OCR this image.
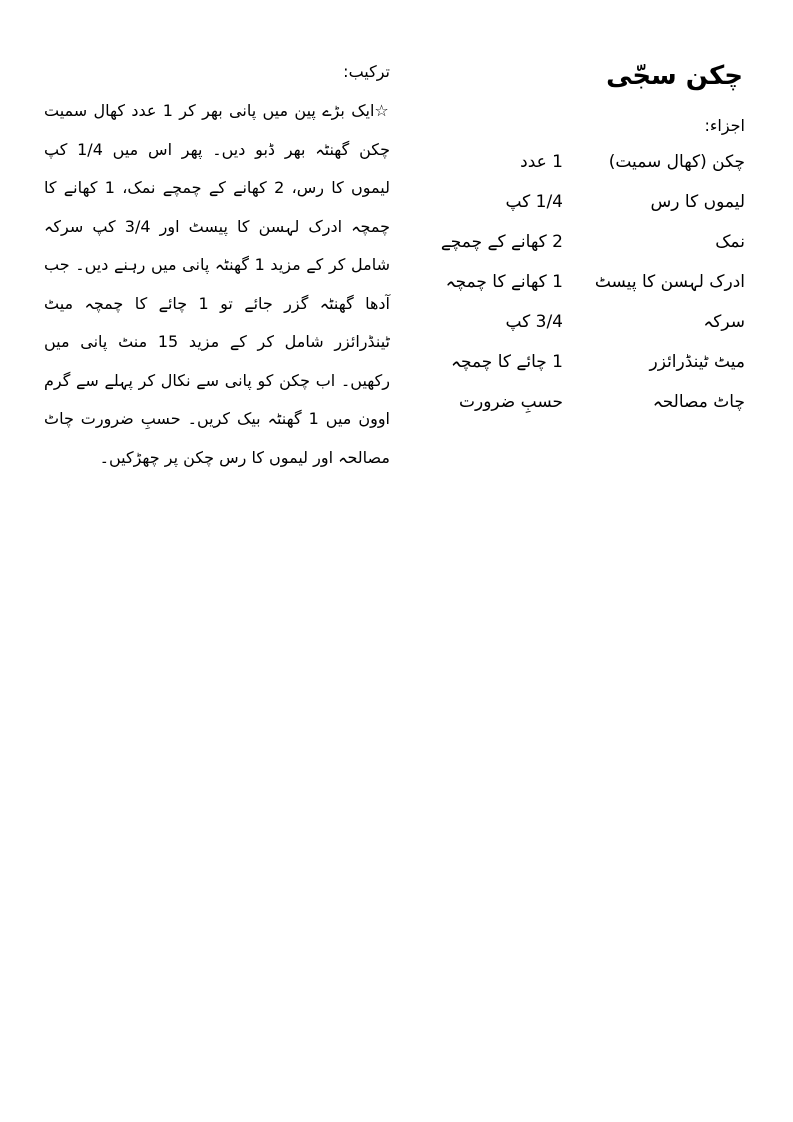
چکن سجّی
اجزاء:
چکن (کھال سمیت)
1 عدد
لیموں کا رس
1/4 کپ
نمک
2 کھانے کے چمچے
ادرک لہسن کا پیسٹ
1 کھانے کا چمچہ
سرکہ
3/4 کپ
میٹ ٹینڈرائزر
1 چائے کا چمچہ
چاٹ مصالحہ
حسبِ ضرورت
ترکیب:

☆ایک بڑے پین میں پانی بھر کر 1 عدد کھال سمیت چکن گھنٹہ بھر ڈبو دیں۔ پھر اس میں 1/4 کپ لیموں کا رس، 2 کھانے کے چمچے نمک، 1 کھانے کا چمچہ ادرک لہسن کا پیسٹ اور 3/4 کپ سرکہ شامل کر کے مزید 1 گھنٹہ پانی میں رہنے دیں۔ جب آدھا گھنٹہ گزر جائے تو 1 چائے کا چمچہ میٹ ٹینڈرائزر شامل کر کے مزید 15 منٹ پانی میں رکھیں۔ اب چکن کو پانی سے نکال کر پہلے سے گرم اوون میں 1 گھنٹہ بیک کریں۔ حسبِ ضرورت چاٹ مصالحہ اور لیموں کا رس چکن پر چھڑکیں۔
